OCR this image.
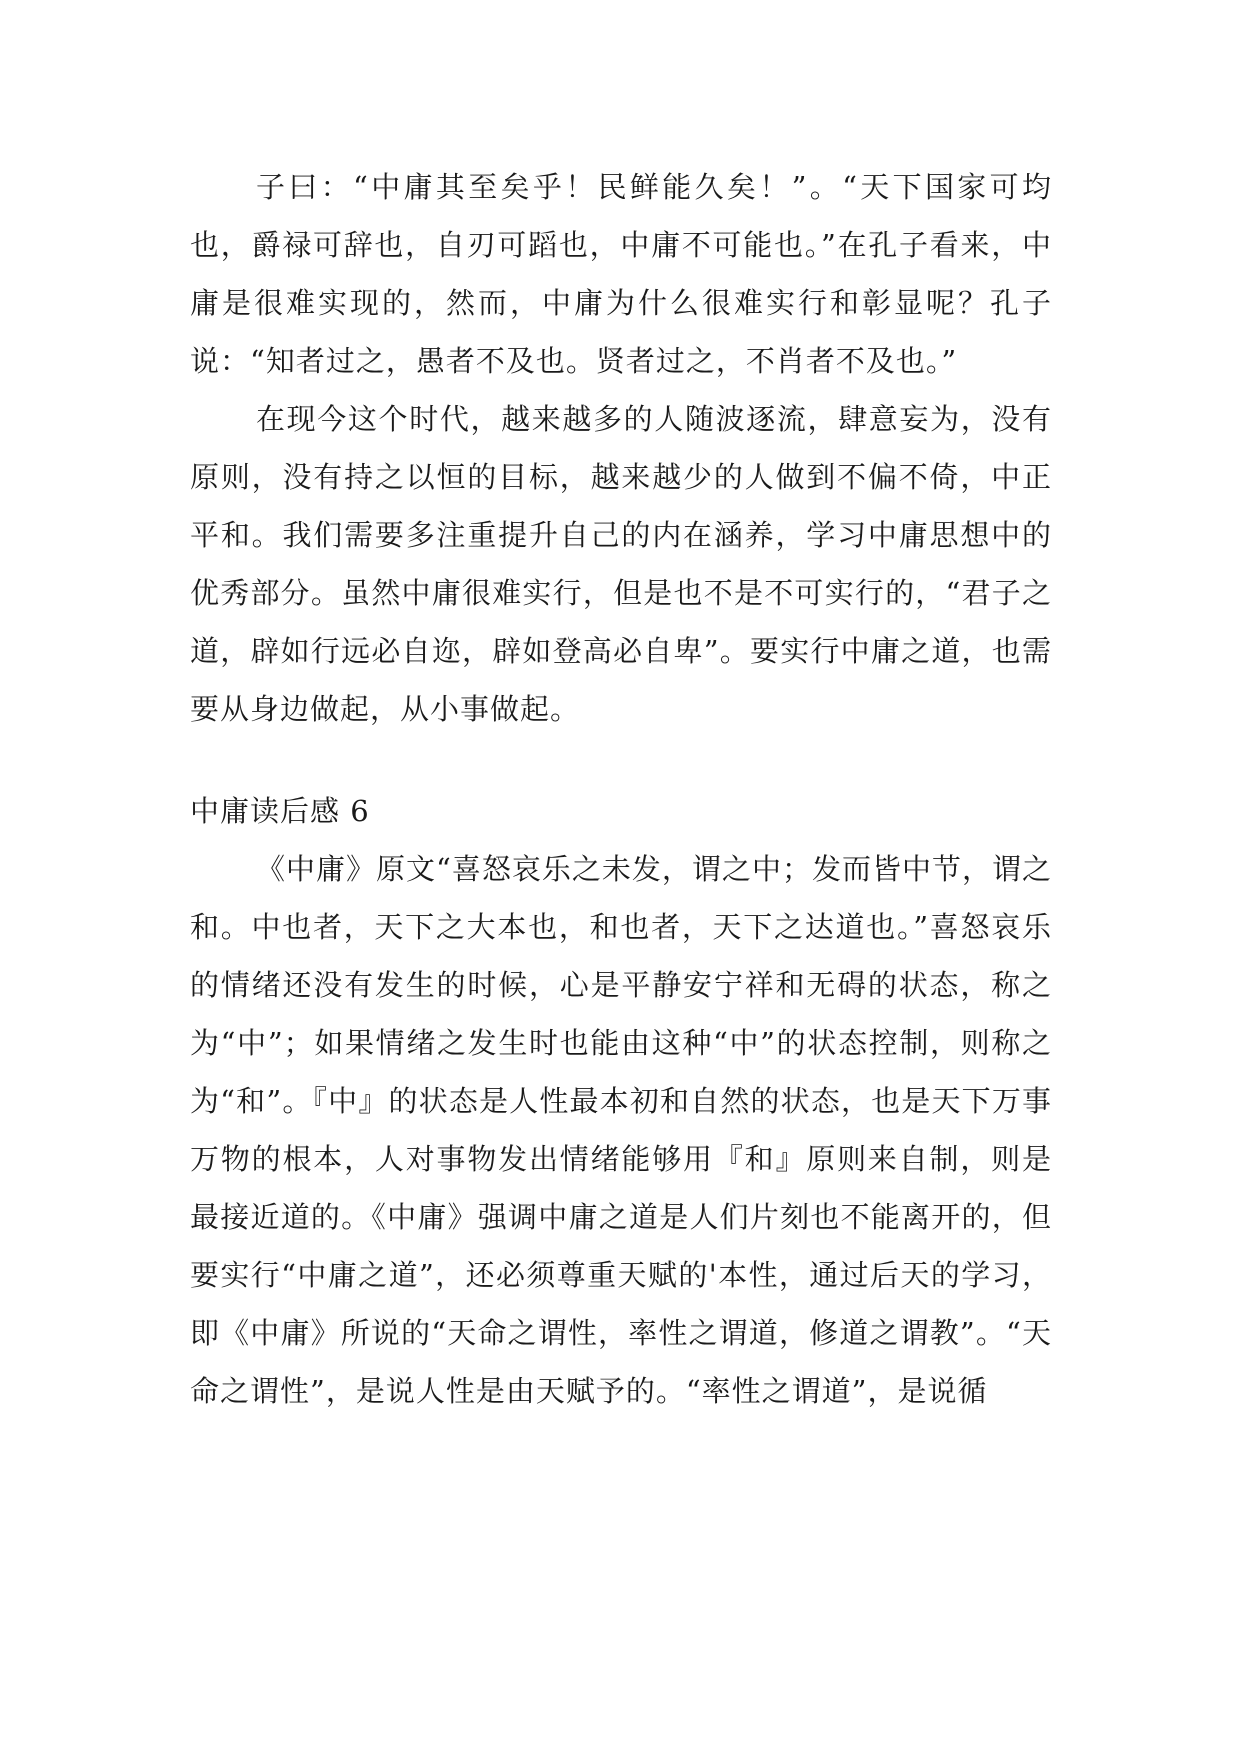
子曰：“中庸其至矣乎！民鲜能久矣！”。“天下国家可均也，爵禄可辞也，自刃可蹈也，中庸不可能也。”在孔子看来，中庸是很难实现的，然而，中庸为什么很难实行和彰显呢？孔子说：“知者过之，愚者不及也。贤者过之，不肖者不及也。”

在现今这个时代，越来越多的人随波逐流，肆意妄为，没有原则，没有持之以恒的目标，越来越少的人做到不偏不倚，中正平和。我们需要多注重提升自己的内在涵养，学习中庸思想中的优秀部分。虽然中庸很难实行，但是也不是不可实行的，“君子之道，辟如行远必自迩，辟如登高必自卑”。要实行中庸之道，也需要从身边做起，从小事做起。

中庸读后感 6

《中庸》原文“喜怒哀乐之未发，谓之中；发而皆中节，谓之和。中也者，天下之大本也，和也者，天下之达道也。”喜怒哀乐的情绪还没有发生的时候，心是平静安宁祥和无碍的状态，称之为“中”；如果情绪之发生时也能由这种“中”的状态控制，则称之为“和”。『中』的状态是人性最本初和自然的状态，也是天下万事万物的根本，人对事物发出情绪能够用『和』原则来自制，则是最接近道的。《中庸》强调中庸之道是人们片刻也不能离开的，但要实行“中庸之道”，还必须尊重天赋的'本性，通过后天的学习，即《中庸》所说的“天命之谓性，率性之谓道，修道之谓教”。“天命之谓性”，是说人性是由天赋予的。“率性之谓道”，是说循
